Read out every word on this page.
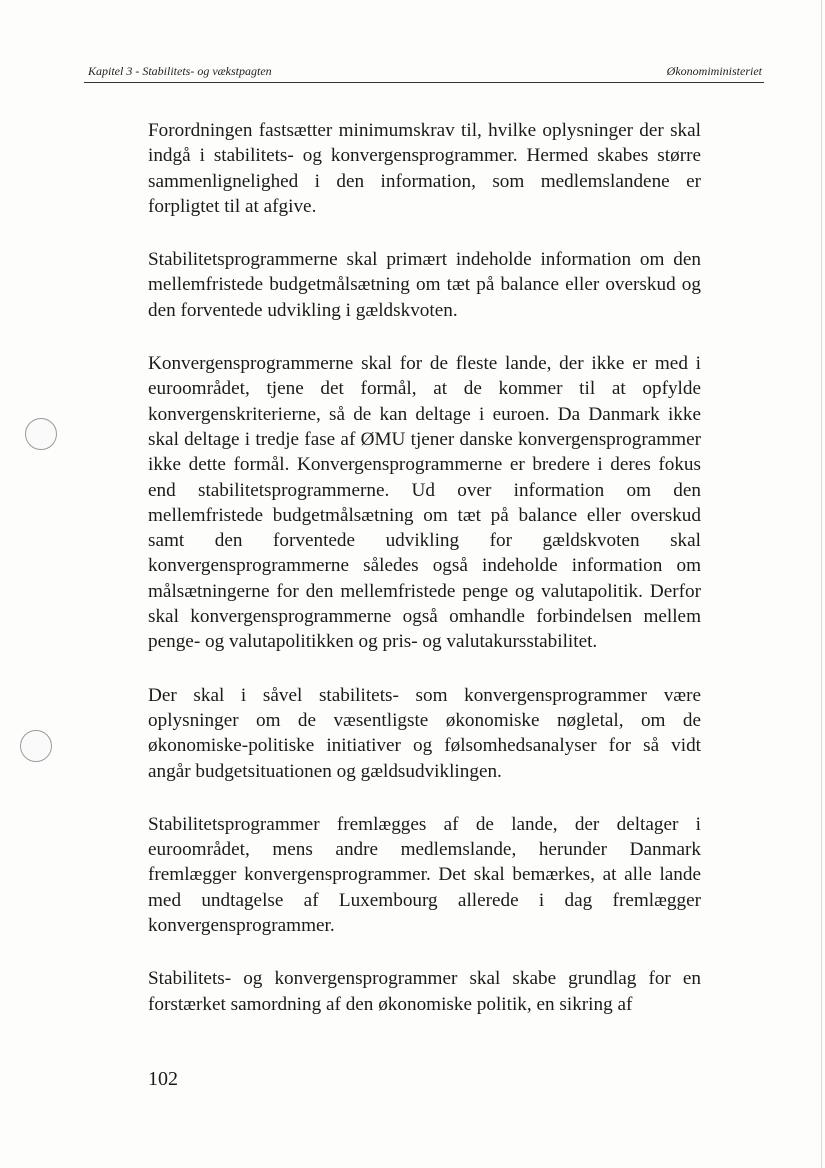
Kapitel 3 - Stabilitets- og vækstpagten	Økonomiministeriet

Forordningen fastsætter minimumskrav til, hvilke oplysninger der skal indgå i stabilitets- og konvergensprogrammer. Hermed skabes større sammenlignelighed i den information, som medlemslandene er forpligtet til at afgive.

Stabilitetsprogrammerne skal primært indeholde information om den mellemfristede budgetmålsætning om tæt på balance eller overskud og den forventede udvikling i gældskvoten.

Konvergensprogrammerne skal for de fleste lande, der ikke er med i euroområdet, tjene det formål, at de kommer til at opfylde konvergenskriterierne, så de kan deltage i euroen. Da Danmark ikke skal deltage i tredje fase af ØMU tjener danske konvergensprogrammer ikke dette formål. Konvergensprogrammerne er bredere i deres fokus end stabilitetsprogrammerne. Ud over information om den mellemfristede budgetmålsætning om tæt på balance eller overskud samt den forventede udvikling for gældskvoten skal konvergensprogrammerne således også indeholde information om målsætningerne for den mellemfristede penge og valutapolitik. Derfor skal konvergensprogrammerne også omhandle forbindelsen mellem penge- og valutapolitikken og pris- og valutakursstabilitet.

Der skal i såvel stabilitets- som konvergensprogrammer være oplysninger om de væsentligste økonomiske nøgletal, om de økonomiske-politiske initiativer og følsomhedsanalyser for så vidt angår budgetsituationen og gældsudviklingen.

Stabilitetsprogrammer fremlægges af de lande, der deltager i euroområdet, mens andre medlemslande, herunder Danmark fremlægger konvergensprogrammer. Det skal bemærkes, at alle lande med undtagelse af Luxembourg allerede i dag fremlægger konvergensprogrammer.

Stabilitets- og konvergensprogrammer skal skabe grundlag for en forstærket samordning af den økonomiske politik, en sikring af

102
